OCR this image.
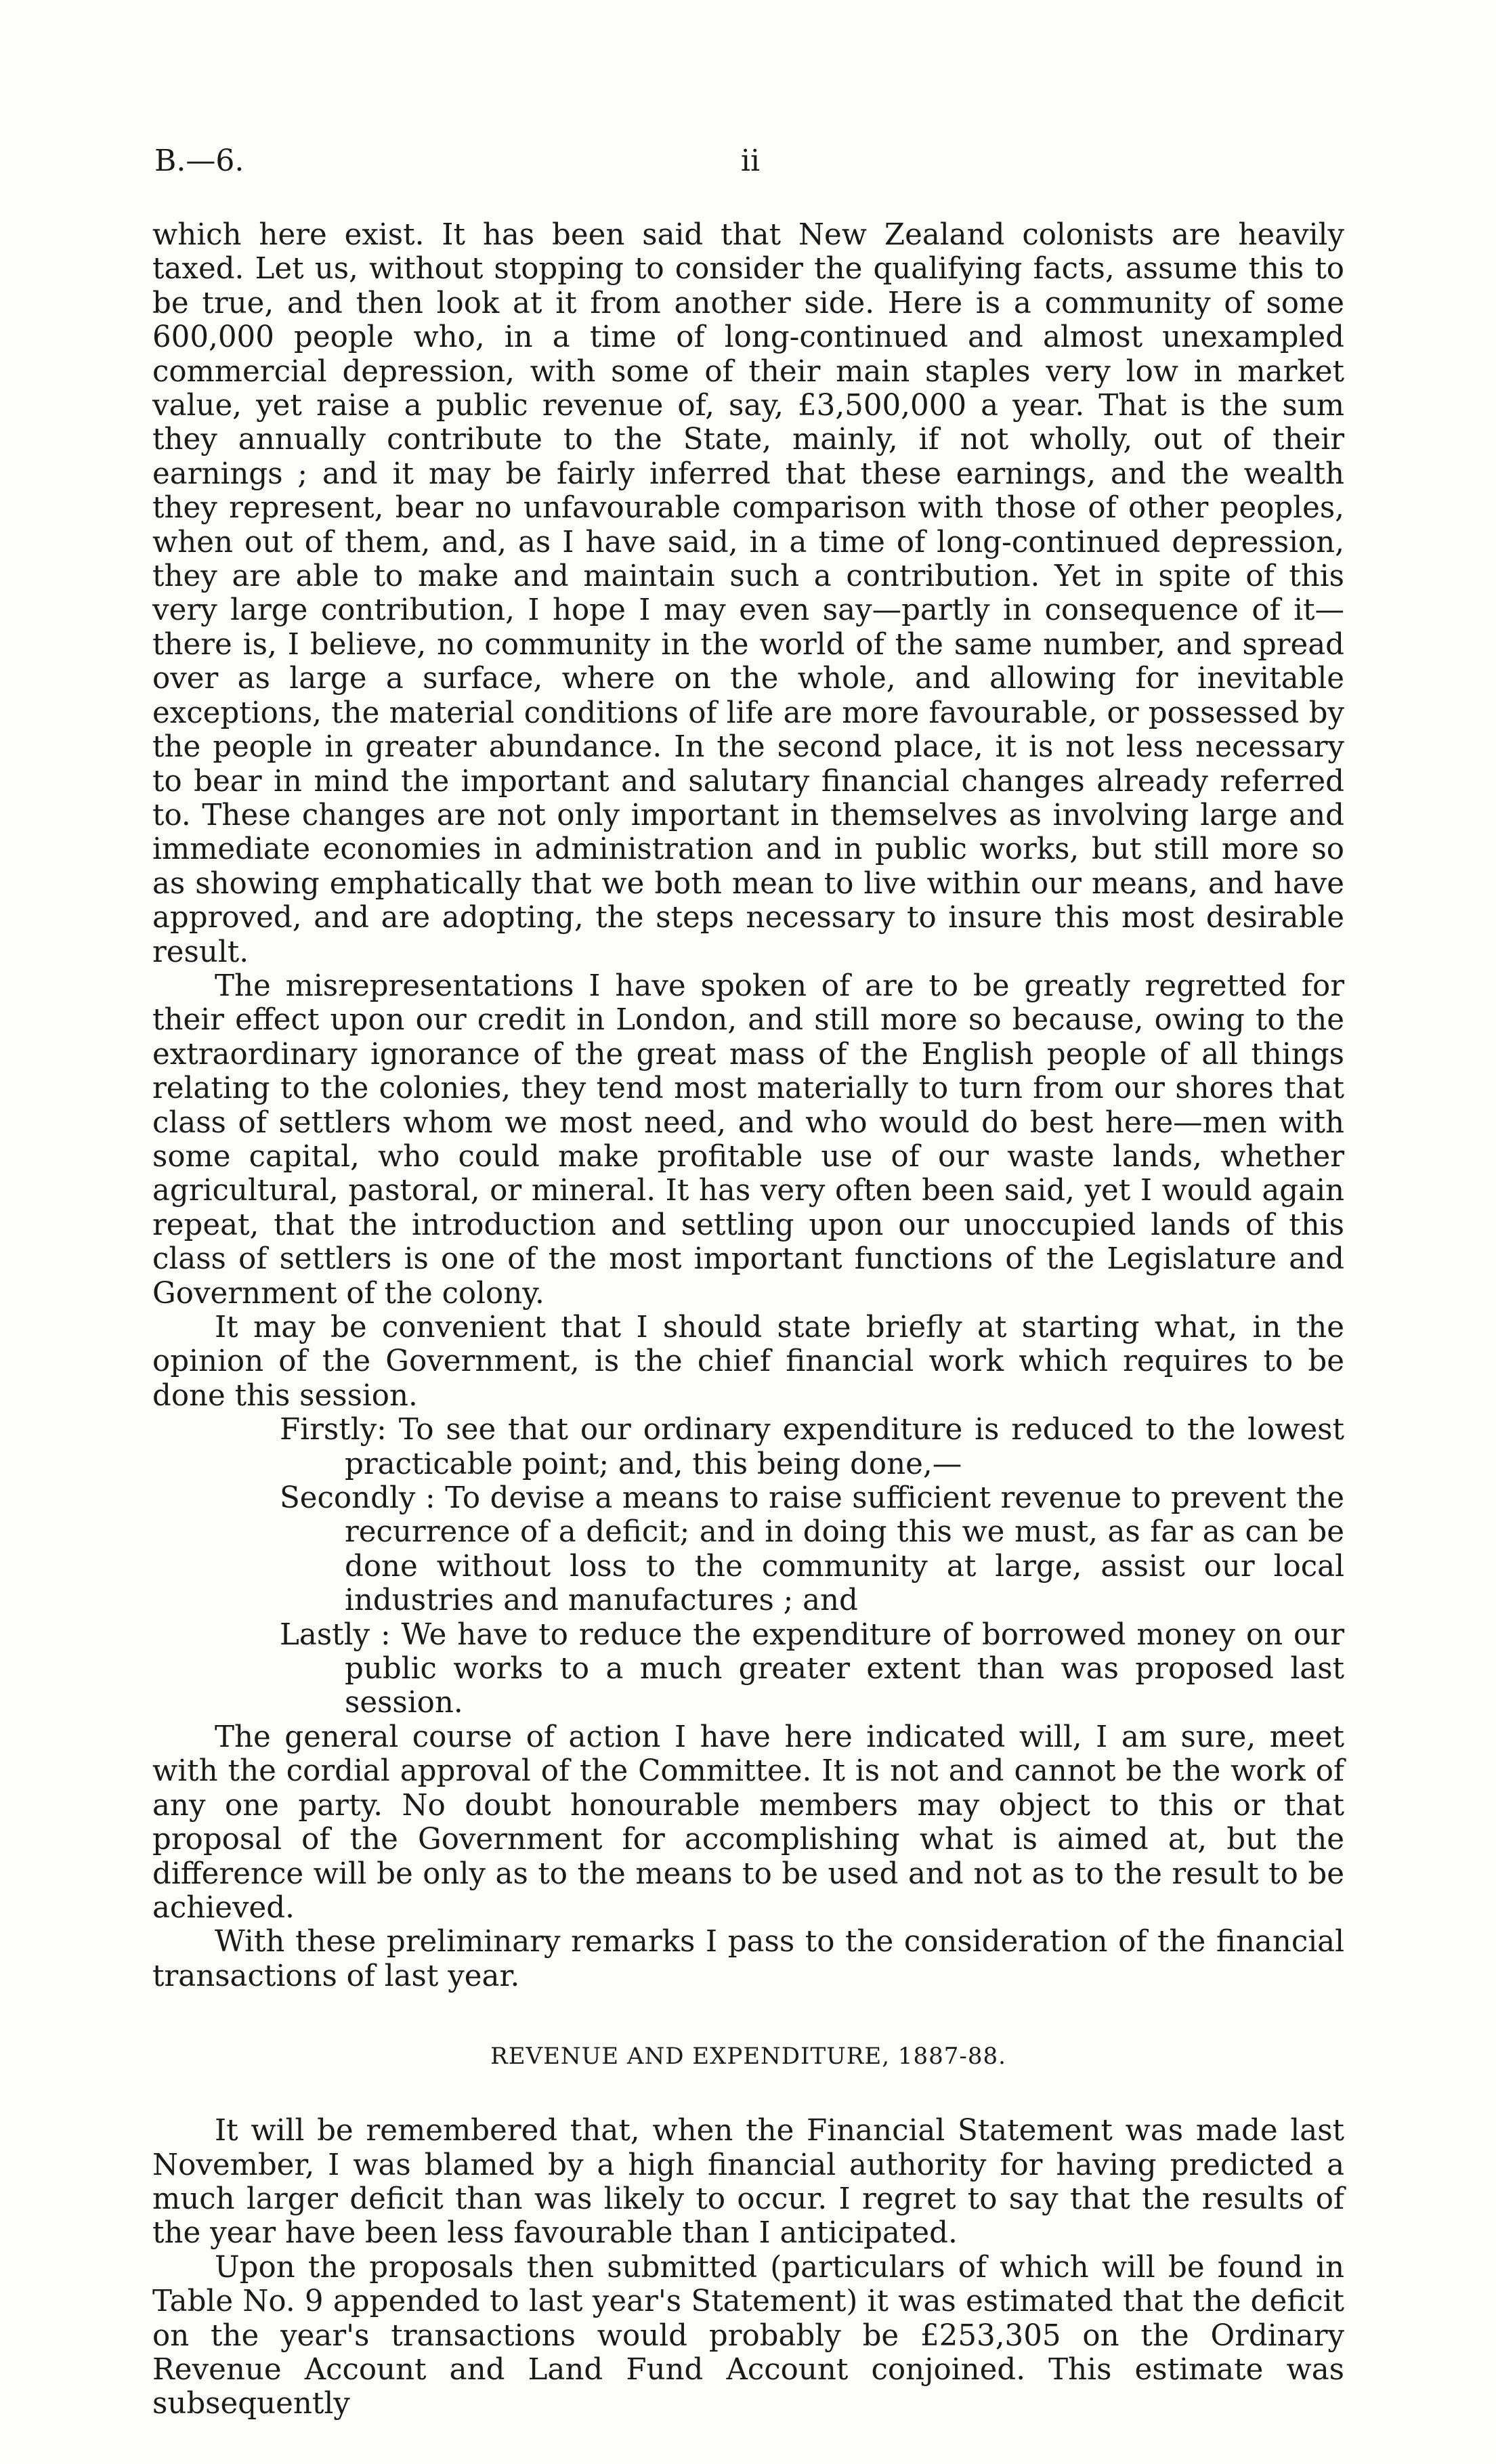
B.—6.	ii

which here exist. It has been said that New Zealand colonists are heavily taxed. Let us, without stopping to consider the qualifying facts, assume this to be true, and then look at it from another side. Here is a community of some 600,000 people who, in a time of long-continued and almost unexampled commercial depression, with some of their main staples very low in market value, yet raise a public revenue of, say, £3,500,000 a year. That is the sum they annually contribute to the State, mainly, if not wholly, out of their earnings ; and it may be fairly inferred that these earnings, and the wealth they represent, bear no unfavourable comparison with those of other peoples, when out of them, and, as I have said, in a time of long-continued depression, they are able to make and maintain such a contribution. Yet in spite of this very large contribution, I hope I may even say—partly in consequence of it—there is, I believe, no community in the world of the same number, and spread over as large a surface, where on the whole, and allowing for inevitable exceptions, the material conditions of life are more favourable, or possessed by the people in greater abundance. In the second place, it is not less necessary to bear in mind the important and salutary financial changes already referred to. These changes are not only important in themselves as involving large and immediate economies in administration and in public works, but still more so as showing emphatically that we both mean to live within our means, and have approved, and are adopting, the steps necessary to insure this most desirable result.

The misrepresentations I have spoken of are to be greatly regretted for their effect upon our credit in London, and still more so because, owing to the extraordinary ignorance of the great mass of the English people of all things relating to the colonies, they tend most materially to turn from our shores that class of settlers whom we most need, and who would do best here—men with some capital, who could make profitable use of our waste lands, whether agricultural, pastoral, or mineral. It has very often been said, yet I would again repeat, that the introduction and settling upon our unoccupied lands of this class of settlers is one of the most important functions of the Legislature and Government of the colony.

It may be convenient that I should state briefly at starting what, in the opinion of the Government, is the chief financial work which requires to be done this session.

Firstly: To see that our ordinary expenditure is reduced to the lowest practicable point; and, this being done,—

Secondly : To devise a means to raise sufficient revenue to prevent the recurrence of a deficit; and in doing this we must, as far as can be done without loss to the community at large, assist our local industries and manufactures ; and

Lastly : We have to reduce the expenditure of borrowed money on our public works to a much greater extent than was proposed last session.

The general course of action I have here indicated will, I am sure, meet with the cordial approval of the Committee. It is not and cannot be the work of any one party. No doubt honourable members may object to this or that proposal of the Government for accomplishing what is aimed at, but the difference will be only as to the means to be used and not as to the result to be achieved.

With these preliminary remarks I pass to the consideration of the financial transactions of last year.

REVENUE AND EXPENDITURE, 1887-88.

It will be remembered that, when the Financial Statement was made last November, I was blamed by a high financial authority for having predicted a much larger deficit than was likely to occur. I regret to say that the results of the year have been less favourable than I anticipated.

Upon the proposals then submitted (particulars of which will be found in Table No. 9 appended to last year's Statement) it was estimated that the deficit on the year's transactions would probably be £253,305 on the Ordinary Revenue Account and Land Fund Account conjoined. This estimate was subsequently
